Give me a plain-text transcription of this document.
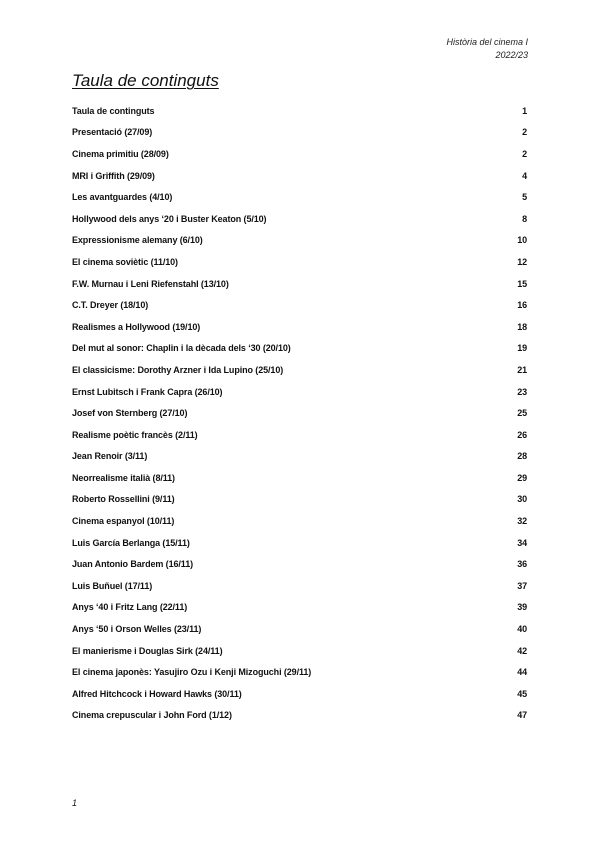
Història del cinema I
2022/23
Taula de continguts
Taula de continguts	1
Presentació (27/09)	2
Cinema primitiu (28/09)	2
MRI i Griffith (29/09)	4
Les avantguardes (4/10)	5
Hollywood dels anys ‘20 i Buster Keaton (5/10)	8
Expressionisme alemany (6/10)	10
El cinema soviètic (11/10)	12
F.W. Murnau i Leni Riefenstahl (13/10)	15
C.T. Dreyer (18/10)	16
Realismes a Hollywood (19/10)	18
Del mut al sonor: Chaplin i la dècada dels ‘30 (20/10)	19
El classicisme: Dorothy Arzner i Ida Lupino (25/10)	21
Ernst Lubitsch i Frank Capra (26/10)	23
Josef von Sternberg (27/10)	25
Realisme poètic francès (2/11)	26
Jean Renoir (3/11)	28
Neorrealisme italià (8/11)	29
Roberto Rossellini (9/11)	30
Cinema espanyol (10/11)	32
Luis García Berlanga (15/11)	34
Juan Antonio Bardem (16/11)	36
Luis Buñuel (17/11)	37
Anys ‘40 i Fritz Lang (22/11)	39
Anys ‘50 i Orson Welles (23/11)	40
El manierisme i Douglas Sirk (24/11)	42
El cinema japonès: Yasujiro Ozu i Kenji Mizoguchi (29/11)	44
Alfred Hitchcock i Howard Hawks (30/11)	45
Cinema crepuscular i John Ford (1/12)	47
1
